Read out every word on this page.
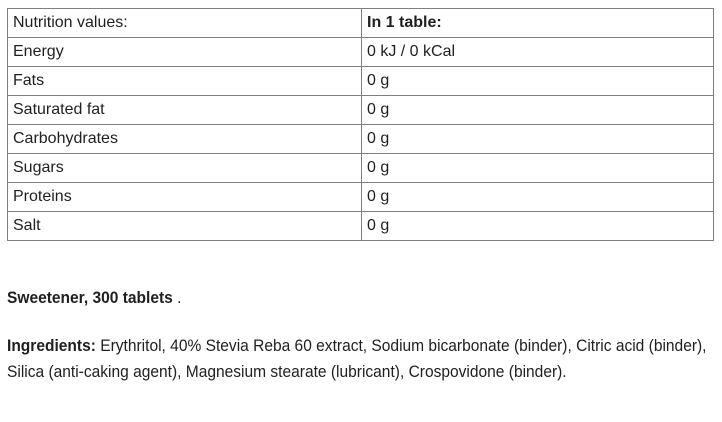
Nutrition values:	In 1 table:
Energy	0 kJ / 0 kCal
Fats	0 g
Saturated fat	0 g
Carbohydrates	0 g
Sugars	0 g
Proteins	0 g
Salt	0 g

Sweetener, 300 tablets .

Ingredients: Erythritol, 40% Stevia Reba 60 extract, Sodium bicarbonate (binder), Citric acid (binder), Silica (anti-caking agent), Magnesium stearate (lubricant), Crospovidone (binder).
